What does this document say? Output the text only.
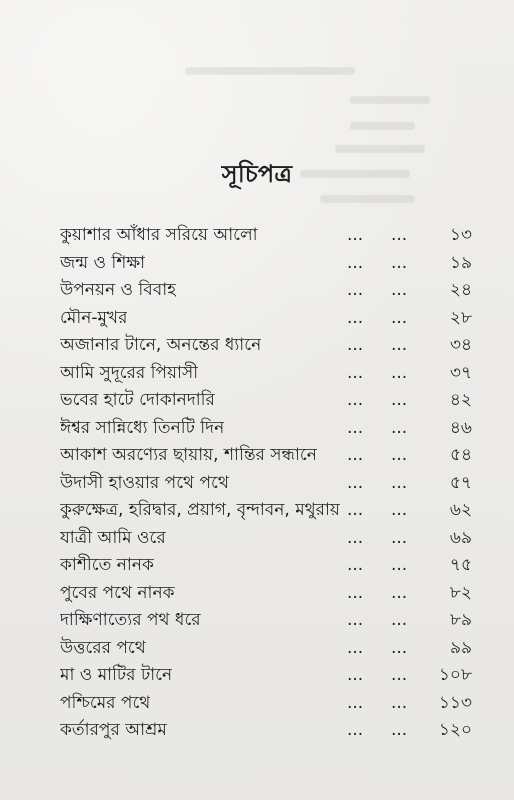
সূচিপত্র
কুয়াশার আঁধার সরিয়ে আলো	... ...	১৩
জন্ম ও শিক্ষা	... ...	১৯
উপনয়ন ও বিবাহ	... ...	২৪
মৌন-মুখর	... ...	২৮
অজানার টানে, অনন্তের ধ্যানে	... ...	৩৪
আমি সুদূরের পিয়াসী	... ...	৩৭
ভবের হাটে দোকানদারি	... ...	৪২
ঈশ্বর সান্নিধ্যে তিনটি দিন	... ...	৪৬
আকাশ অরণ্যের ছায়ায়, শান্তির সন্ধানে ... ...	৫৪
উদাসী হাওয়ার পথে পথে	... ...	৫৭
কুরুক্ষেত্র, হরিদ্বার, প্রয়াগ, বৃন্দাবন, মথুরায় ... ...	৬২
যাত্রী আমি ওরে	... ...	৬৯
কাশীতে নানক	... ...	৭৫
পুবের পথে নানক	... ...	৮২
দাক্ষিণাত্যের পথ ধরে	... ...	৮৯
উত্তরের পথে	... ...	৯৯
মা ও মাটির টানে	... ...	১০৮
পশ্চিমের পথে	... ...	১১৩
কর্তারপুর আশ্রম	... ...	১২০
